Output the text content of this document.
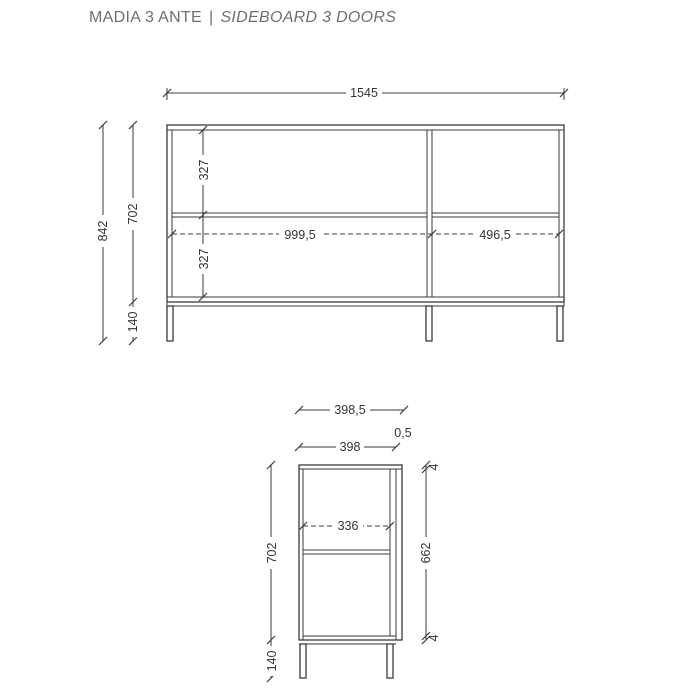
MADIA 3 ANTE | SIDEBOARD 3 DOORS
1545
842
702
140
327
327
999,5	496,5
398,5
398
0,5
336
702
140
662
4
4
